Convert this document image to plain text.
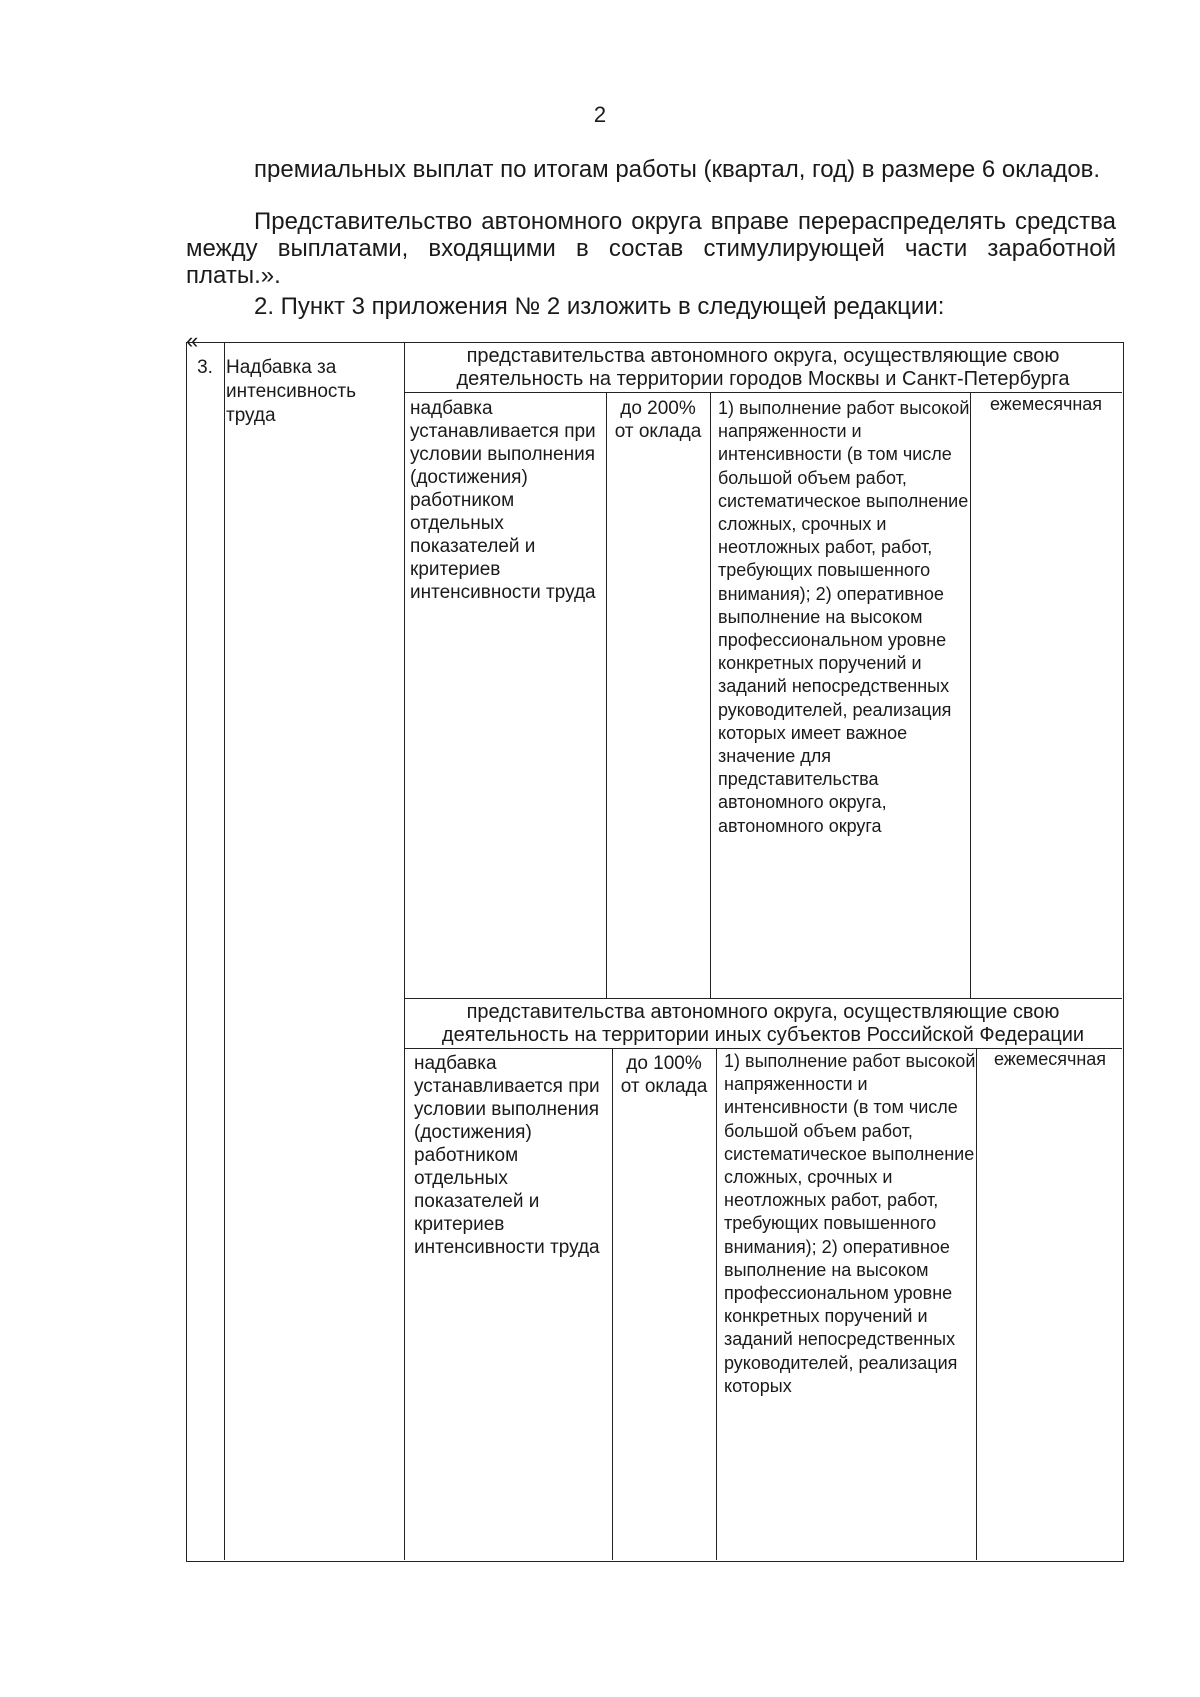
2
премиальных выплат по итогам работы (квартал, год) в размере 6 окладов.
Представительство автономного округа вправе перераспределять средства между выплатами, входящими в состав стимулирующей части заработной платы.».
2. Пункт 3 приложения № 2 изложить в следующей редакции:
«
3. Надбавка за интенсивность труда
представительства автономного округа, осуществляющие свою деятельность на территории городов Москвы и Санкт-Петербурга
надбавка устанавливается при условии выполнения (достижения) работником отдельных показателей и критериев интенсивности труда
до 200% от оклада
1) выполнение работ высокой напряженности и интенсивности (в том числе большой объем работ, систематическое выполнение сложных, срочных и неотложных работ, работ, требующих повышенного внимания); 2) оперативное выполнение на высоком профессиональном уровне конкретных поручений и заданий непосредственных руководителей, реализация которых имеет важное значение для представительства автономного округа, автономного округа
ежемесячная
представительства автономного округа, осуществляющие свою деятельность на территории иных субъектов Российской Федерации
надбавка устанавливается при условии выполнения (достижения) работником отдельных показателей и критериев интенсивности труда
до 100% от оклада
1) выполнение работ высокой напряженности и интенсивности (в том числе большой объем работ, систематическое выполнение сложных, срочных и неотложных работ, работ, требующих повышенного внимания); 2) оперативное выполнение на высоком профессиональном уровне конкретных поручений и заданий непосредственных руководителей, реализация которых
ежемесячная
